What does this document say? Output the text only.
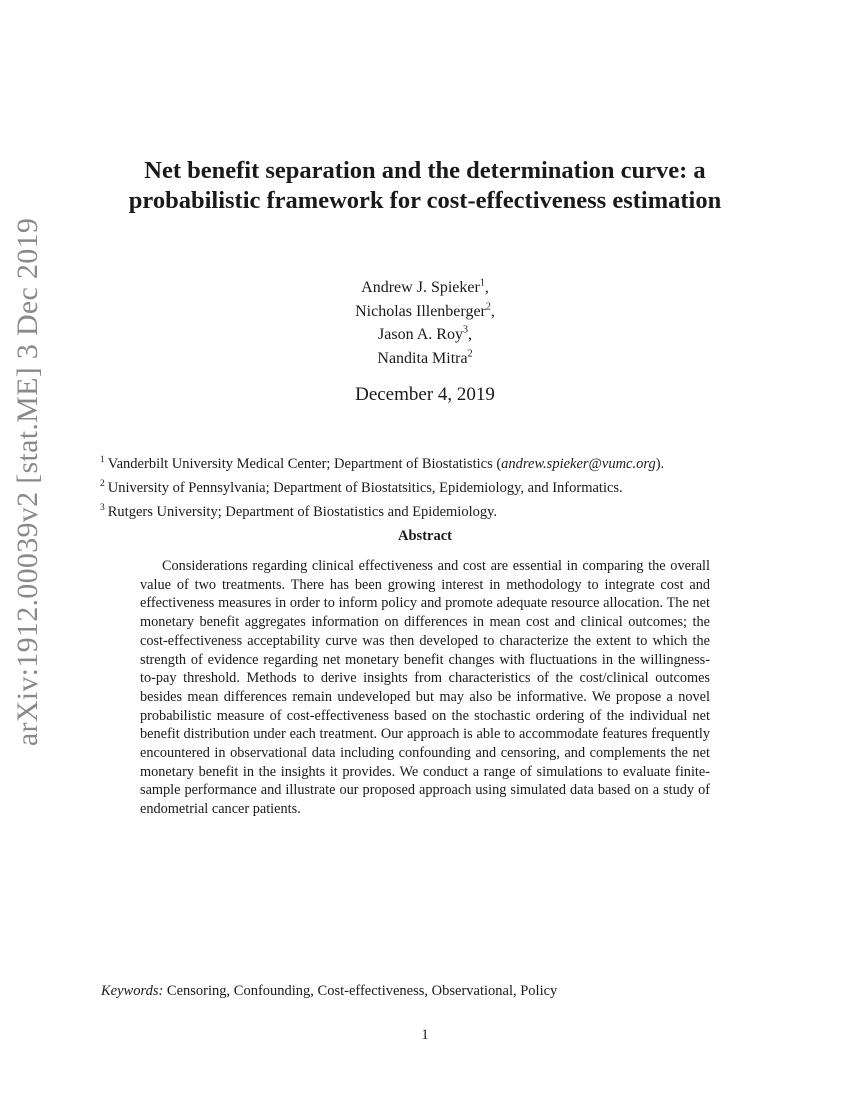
arXiv:1912.00039v2 [stat.ME] 3 Dec 2019
Net benefit separation and the determination curve: a probabilistic framework for cost-effectiveness estimation
Andrew J. Spieker$^1$,
Nicholas Illenberger$^2$,
Jason A. Roy$^3$,
Nandita Mitra$^2$
December 4, 2019
$^1$ Vanderbilt University Medical Center; Department of Biostatistics (andrew.spieker@vumc.org).
$^2$ University of Pennsylvania; Department of Biostatsitics, Epidemiology, and Informatics.
$^3$ Rutgers University; Department of Biostatistics and Epidemiology.
Abstract
Considerations regarding clinical effectiveness and cost are essential in comparing the overall value of two treatments. There has been growing interest in methodology to integrate cost and effectiveness measures in order to inform policy and promote adequate resource allocation. The net monetary benefit aggregates information on differences in mean cost and clinical outcomes; the cost-effectiveness acceptability curve was then developed to characterize the extent to which the strength of evidence regarding net monetary benefit changes with fluctuations in the willingness-to-pay threshold. Methods to derive insights from characteristics of the cost/clinical outcomes besides mean differences remain undeveloped but may also be informative. We propose a novel probabilistic measure of cost-effectiveness based on the stochastic ordering of the individual net benefit distribution under each treatment. Our approach is able to accommodate features frequently encountered in observational data including confounding and censoring, and complements the net monetary benefit in the insights it provides. We conduct a range of simulations to evaluate finite-sample performance and illustrate our proposed approach using simulated data based on a study of endometrial cancer patients.
Keywords: Censoring, Confounding, Cost-effectiveness, Observational, Policy
1
